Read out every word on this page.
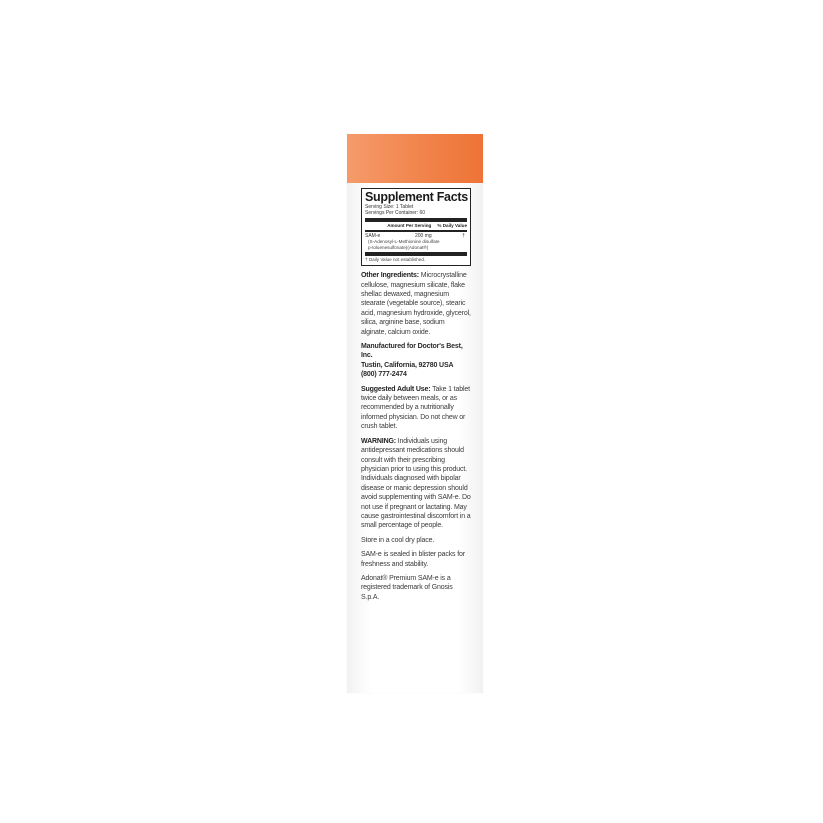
Supplement Facts
Serving Size: 1 Tablet
Servings Per Container: 60
Amount Per Serving % Daily Value
SAM-e	200 mg	†
(S-Adenosyl-L-Methionine disulfate
p-toluenesulfonate)(Adonat®)
† Daily Value not established.
Other Ingredients: Microcrystalline cellulose, magnesium silicate, flake shellac dewaxed, magnesium stearate (vegetable source), stearic acid, magnesium hydroxide, glycerol, silica, arginine base, sodium alginate, calcium oxide.
Manufactured for Doctor's Best, Inc.
Tustin, California, 92780 USA
(800) 777-2474
Suggested Adult Use: Take 1 tablet twice daily between meals, or as recommended by a nutritionally informed physician. Do not chew or crush tablet.
WARNING: Individuals using antidepressant medications should consult with their prescribing physician prior to using this product. Individuals diagnosed with bipolar disease or manic depression should avoid supplementing with SAM-e. Do not use if pregnant or lactating. May cause gastrointestinal discomfort in a small percentage of people.
Store in a cool dry place.
SAM-e is sealed in blister packs for freshness and stability.
Adonat® Premium SAM-e is a registered trademark of Gnosis S.p.A.
